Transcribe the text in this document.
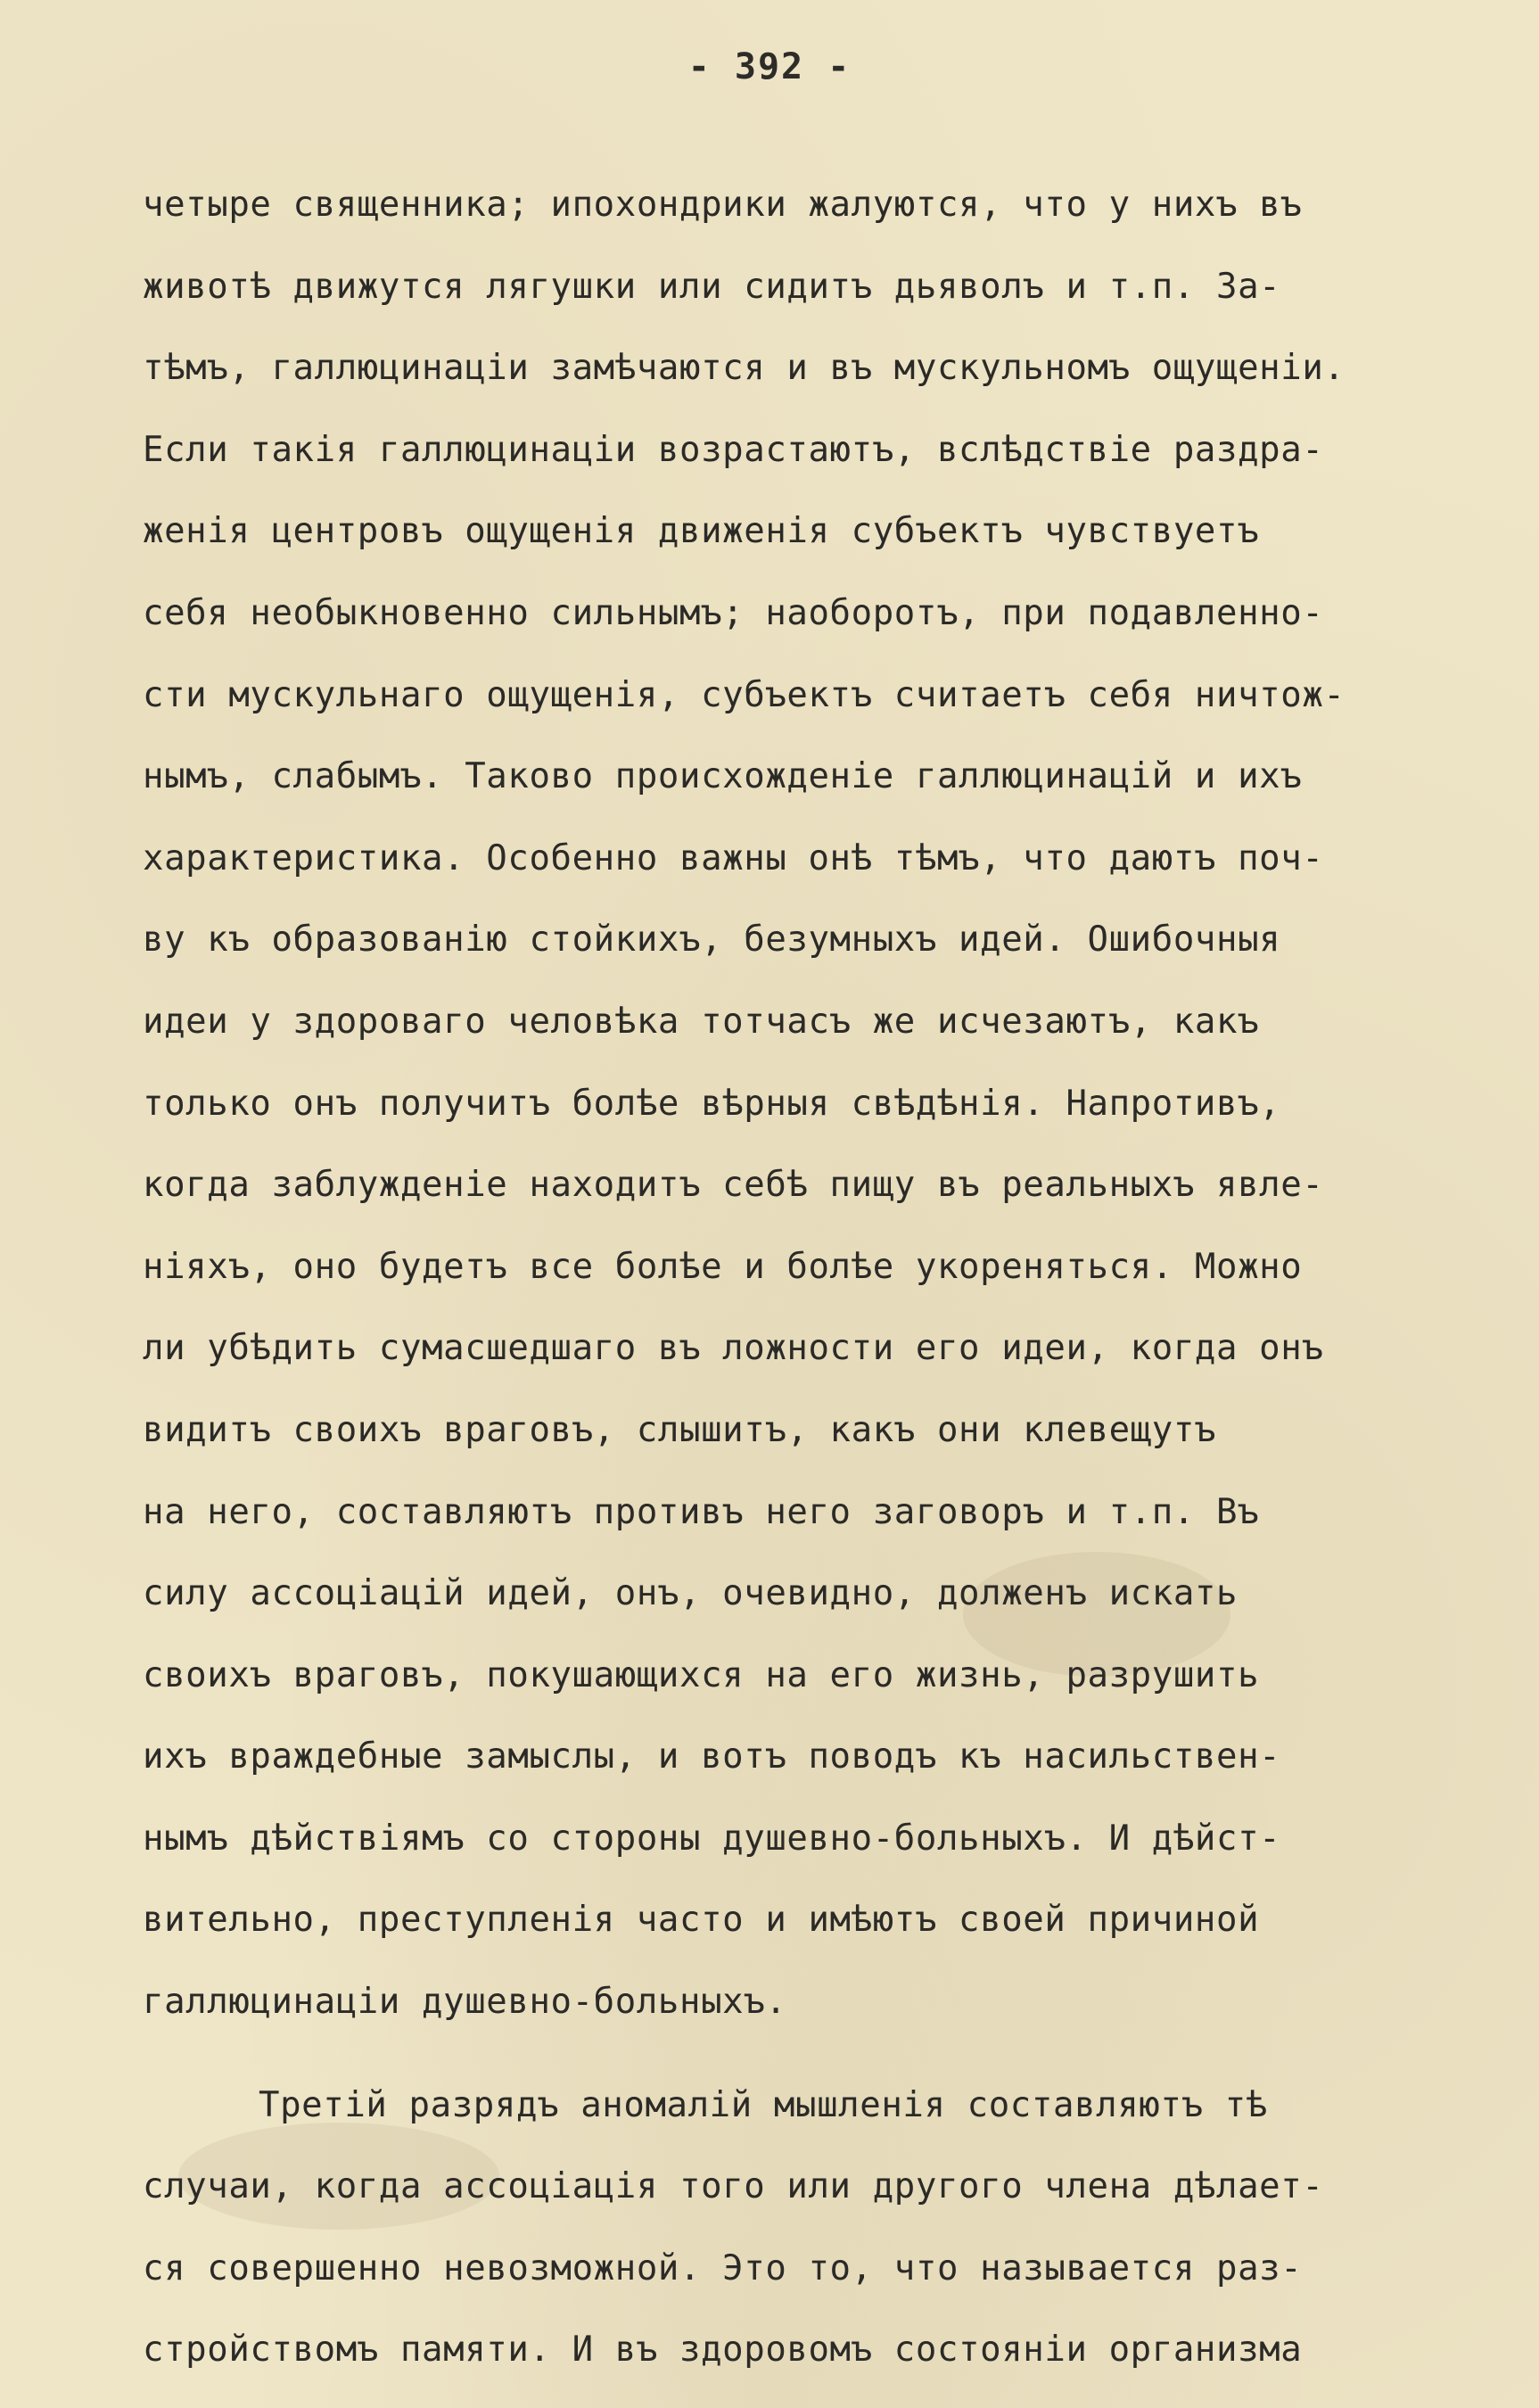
- 392 -
четыре священника; ипохондрики жалуются, что у нихъ въ
животѣ движутся лягушки или сидитъ дьяволъ и т.п. За-
тѣмъ, галлюцинаціи замѣчаются и въ мускульномъ ощущеніи.
Если такія галлюцинаціи возрастаютъ, вслѣдствіе раздра-
женія центровъ ощущенія движенія субъектъ чувствуетъ
себя необыкновенно сильнымъ; наоборотъ, при подавленно-
сти мускульнаго ощущенія, субъектъ считаетъ себя ничтож-
нымъ, слабымъ. Таково происхожденіе галлюцинацій и ихъ
характеристика. Особенно важны онѣ тѣмъ, что даютъ поч-
ву къ образованію стойкихъ, безумныхъ идей. Ошибочныя
идеи у здороваго человѣка тотчасъ же исчезаютъ, какъ
только онъ получитъ болѣе вѣрныя свѣдѣнія. Напротивъ,
когда заблужденіе находитъ себѣ пищу въ реальныхъ явле-
ніяхъ, оно будетъ все болѣе и болѣе укореняться. Можно
ли убѣдить сумасшедшаго въ ложности его идеи, когда онъ
видитъ своихъ враговъ, слышитъ, какъ они клевещутъ
на него, составляютъ противъ него заговоръ и т.п. Въ
силу ассоціацій идей, онъ, очевидно, долженъ искать
своихъ враговъ, покушающихся на его жизнь, разрушить
ихъ враждебные замыслы, и вотъ поводъ къ насильствен-
нымъ дѣйствіямъ со стороны душевно-больныхъ. И дѣйст-
вительно, преступленія часто и имѣютъ своей причиной
галлюцинаціи душевно-больныхъ.
Третій разрядъ аномалій мышленія составляютъ тѣ
случаи, когда ассоціація того или другого члена дѣлает-
ся совершенно невозможной. Это то, что называется раз-
стройствомъ памяти. И въ здоровомъ состояніи организма
